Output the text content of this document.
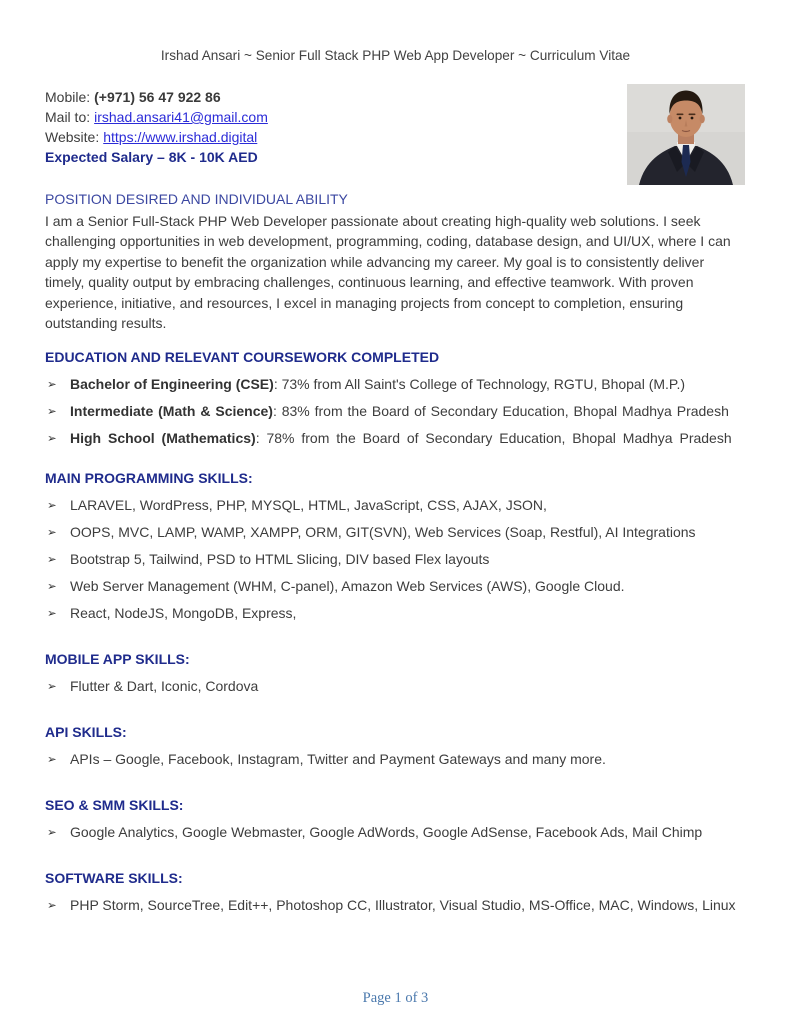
Irshad Ansari ~ Senior Full Stack PHP Web App Developer ~ Curriculum Vitae
Mobile: (+971) 56 47 922 86
Mail to: irshad.ansari41@gmail.com
Website: https://www.irshad.digital
Expected Salary – 8K - 10K AED
POSITION DESIRED AND INDIVIDUAL ABILITY
I am a Senior Full-Stack PHP Web Developer passionate about creating high-quality web solutions. I seek challenging opportunities in web development, programming, coding, database design, and UI/UX, where I can apply my expertise to benefit the organization while advancing my career. My goal is to consistently deliver timely, quality output by embracing challenges, continuous learning, and effective teamwork. With proven experience, initiative, and resources, I excel in managing projects from concept to completion, ensuring outstanding results.
EDUCATION AND RELEVANT COURSEWORK COMPLETED
➢ Bachelor of Engineering (CSE): 73% from All Saint's College of Technology, RGTU, Bhopal (M.P.)
➢ Intermediate (Math & Science): 83% from the Board of Secondary Education, Bhopal Madhya Pradesh
➢ High School (Mathematics): 78% from the Board of Secondary Education, Bhopal Madhya Pradesh
MAIN PROGRAMMING SKILLS:
➢ LARAVEL, WordPress, PHP, MYSQL, HTML, JavaScript, CSS, AJAX, JSON,
➢ OOPS, MVC, LAMP, WAMP, XAMPP, ORM, GIT(SVN), Web Services (Soap, Restful), AI Integrations
➢ Bootstrap 5, Tailwind, PSD to HTML Slicing, DIV based Flex layouts
➢ Web Server Management (WHM, C-panel), Amazon Web Services (AWS), Google Cloud.
➢ React, NodeJS, MongoDB, Express,
MOBILE APP SKILLS:
➢ Flutter & Dart, Iconic, Cordova
API SKILLS:
➢ APIs – Google, Facebook, Instagram, Twitter and Payment Gateways and many more.
SEO & SMM SKILLS:
➢ Google Analytics, Google Webmaster, Google AdWords, Google AdSense, Facebook Ads, Mail Chimp
SOFTWARE SKILLS:
➢ PHP Storm, SourceTree, Edit++, Photoshop CC, Illustrator, Visual Studio, MS-Office, MAC, Windows, Linux
Page 1 of 3
